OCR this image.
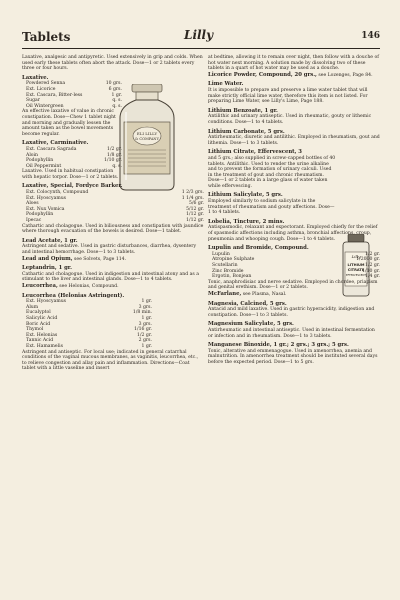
Tablets	Lilly	146
ELI LILLY
& COMPANY
Lilly
LITHIUM
CITRATE
EFFERVESCENT

Laxative, analgesic and antipyretic. Used extensively in grip and colds. When used early these tablets often abort the attack. Dose—1 or 2 tablets every three or four hours.

Laxative.
Powdered Senna	10 grs.
Ext. Licorice	6 grs.
Ext. Cascara, Bitter-less	1 gr.
Sugar	q. s.
Oil Wintergreen	q. s.

An effective laxative of value in chronic constipation. Dose—Chew 1 tablet night and morning and gradually lessen the amount taken as the bowel movements become regular.

Laxative, Carminative.
Ext. Cascara Sagrada	1/2 gr.
Aloin	1/8 gr.
Podophyllin	1/10 gr.
Oil Peppermint	q. s.

Laxative. Used in habitual constipation with hepatic torpor. Dose—1 or 2 tablets.

Laxative, Special, Fordyce Barker.
Ext. Colocynth, Compound	1 2/3 grs.
Ext. Hyoscyamus	1 1/4 grs.
Aloes	5/6 gr.
Ext. Nux Vomica	5/12 gr.
Podophyllin	1/12 gr.
Ipecac	1/12 gr.

Cathartic and cholagogue. Used in biliousness and constipation with jaundice where thorough evacuation of the bowels is desired. Dose—1 tablet.

Lead Acetate, 1 gr.

Astringent and sedative. Used in gastric disturbances, diarrhea, dysentery and intestinal hemorrhage. Dose—1 to 3 tablets.

Lead and Opium, see Solvets, Page 114.
Leptandrin, 1 gr.

Cathartic and cholagogue. Used in indigestion and intestinal atony and as a stimulant to the liver and intestinal glands. Dose—1 to 4 tablets.

Leucorrhea, see Helonias, Compound.
Leucorrhea (Helonias Astringent).
Ext. Hyoscyamus	1 gr.
Alum	3 grs.
Eucalyptol	1/8 min.
Salicylic Acid	1 gr.
Boric Acid	3 grs.
Thymol	1/16 gr.
Ext. Helonias	1/2 gr.
Tannic Acid	2 grs.
Ext. Hamamelis	1 gr.

Astringent and antiseptic. For local use; indicated in general catarrhal conditions of the vaginal mucous membranes, as vaginitis, leucorrhea, etc., to relieve congestion and allay pain and inflammation. Directions—Coat tablet with a little vaseline and insert

at bedtime, allowing it to remain over night, then follow with a douche of hot water next morning. A solution made by dissolving two of these tablets in a quart of hot water may be used as a douche.

Licorice Powder, Compound, 20 grs., see Lozenges, Page 84.
Lime Water.

It is impossible to prepare and preserve a lime water tablet that will make strictly official lime water, therefore this item is not listed. For preparing Lime Water, see Lilly's Lime, Page 188.

Lithium Benzoate, 1 gr.

Antilithic and urinary antiseptic. Used in rheumatic, gouty or lithemic conditions. Dose—1 to 4 tablets.

Lithium Carbonate, 5 grs.

Antirheumatic, diuretic and antilithic. Employed in rheumatism, gout and lithemia. Dose—1 to 3 tablets.

Lithium Citrate, Effervescent, 3

and 5 grs.; also supplied in screw-capped bottles of 40 tablets. Antilithic. Used to render the urine alkaline and to prevent the formation of urinary calculi. Used in the treatment of gout and chronic rheumatism. Dose—1 or 2 tablets in a large glass of water taken while effervescing.

Lithium Salicylate, 5 grs.

Employed similarly to sodium salicylate in the treatment of rheumatism and gouty affections. Dose—1 to 4 tablets.

Lobelia, Tincture, 2 mins.

Antispasmodic, relaxant and expectorant. Employed chiefly for the relief of spasmodic affections including asthma, bronchial affections, croup, pneumonia and whooping cough. Dose—1 to 4 tablets.

Lupulin and Bromide, Compound.
Lupulin	1/2 gr.
Atropine Sulphate	1/2000 gr.
Scutellarin	1/2 gr.
Zinc Bromide	1/10 gr.
Ergotin, Bonjean	1/4 gr.

Tonic, anaphrodisiac and nerve sedative. Employed in chordee, priapism and genital erethism. Dose—1 or 2 tablets.

McFarlane, see Plasma, Nasal.
Magnesia, Calcined, 5 grs.

Antacid and mild laxative. Used in gastric hyperacidity, indigestion and constipation. Dose—1 to 3 tablets.

Magnesium Salicylate, 5 grs.

Antirheumatic and intestinal antiseptic. Used in intestinal fermentation or infection and in rheumatism. Dose—1 to 3 tablets.

Manganese Binoxide, 1 gr.; 2 grs.; 3 grs.; 5 grs.

Tonic, alterative and emmenagogue. Used in amenorrhea, anemia and malnutrition. In amenorrhea treatment should be instituted several days before the expected period. Dose—1 to 5 grs.
